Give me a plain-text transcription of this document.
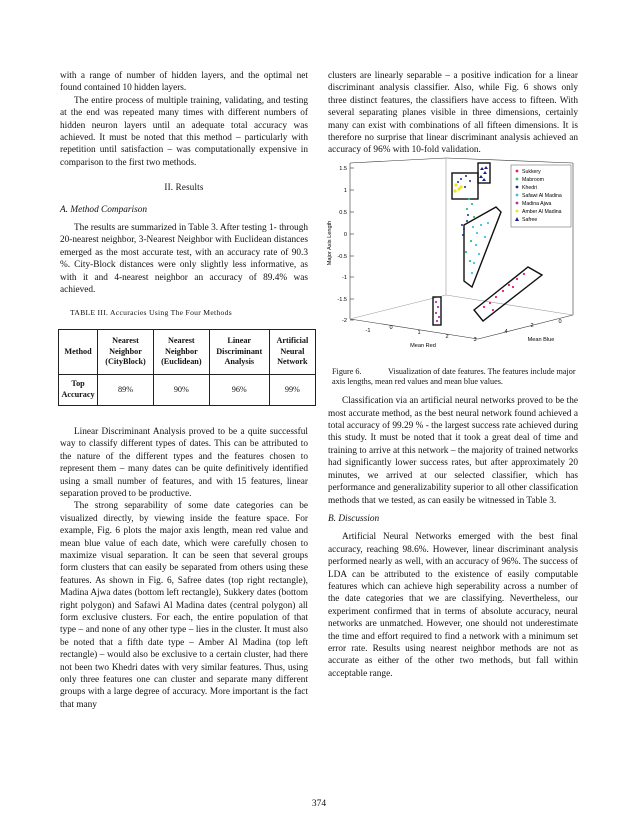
with a range of number of hidden layers, and the optimal net found contained 10 hidden layers.

The entire process of multiple training, validating, and testing at the end was repeated many times with different numbers of hidden neuron layers until an adequate total accuracy was achieved. It must be noted that this method – particularly with repetition until satisfaction – was computationally expensive in comparison to the first two methods.

II. Results
A. Method Comparison

The results are summarized in Table 3. After testing 1- through 20-nearest neighbor, 3-Nearest Neighbor with Euclidean distances emerged as the most accurate test, with an accuracy rate of 90.3 %. City-Block distances were only slightly less informative, as with it and 4-nearest neighbor an accuracy of 89.4% was achieved.

TABLE III. Accuracies Using The Four Methods
Method	Nearest Neighbor (CityBlock)	Nearest Neighbor (Euclidean)	Linear Discriminant Analysis	Artificial Neural Network
Top Accuracy	89%	90%	96%	99%

Linear Discriminant Analysis proved to be a quite successful way to classify different types of dates. This can be attributed to the nature of the different types and the features chosen to represent them – many dates can be quite definitively identified using a small number of features, and with 15 features, linear separation proved to be productive.

The strong separability of some date categories can be visualized directly, by viewing inside the feature space. For example, Fig. 6 plots the major axis length, mean red value and mean blue value of each date, which were carefully chosen to maximize visual separation. It can be seen that several groups form clusters that can easily be separated from others using these features. As shown in Fig. 6, Safree dates (top right rectangle), Madina Ajwa dates (bottom left rectangle), Sukkery dates (bottom right polygon) and Safawi Al Madina dates (central polygon) all form exclusive clusters. For each, the entire population of that type – and none of any other type – lies in the cluster. It must also be noted that a fifth date type – Amber Al Madina (top left rectangle) – would also be exclusive to a certain cluster, had there not been two Khedri dates with very similar features. Thus, using only three features one can cluster and separate many different groups with a large degree of accuracy. More important is the fact that many

clusters are linearly separable – a positive indication for a linear discriminant analysis classifier. Also, while Fig. 6 shows only three distinct features, the classifiers have access to fifteen. With several separating planes visible in three dimensions, certainly many can exist with combinations of all fifteen dimensions. It is therefore no surprise that linear discriminant analysis achieved an accuracy of 96% with 10-fold validation.

1.5
1
0.5
0
-0.5
-1
-1.5
-2
Major Axis Length
-1	0
1
2	3
Mean Red
4
2
0
Mean Blue
Sukkery
Mabroom
Khedri
Safawi Al Madina
Madina Ajwa
Amber Al Madina
Safree
Figure 6.	Visualization of date features. The features include major axis lengths, mean red values and mean blue values.

Classification via an artificial neural networks proved to be the most accurate method, as the best neural network found achieved a total accuracy of 99.29 % - the largest success rate achieved during this study. It must be noted that it took a great deal of time and training to arrive at this network – the majority of trained networks had significantly lower success rates, but after approximately 20 minutes, we arrived at our selected classifier, which has performance and generalizability superior to all other classification methods that we tested, as can easily be witnessed in Table 3.

B. Discussion

Artificial Neural Networks emerged with the best final accuracy, reaching 98.6%. However, linear discriminant analysis performed nearly as well, with an accuracy of 96%. The success of LDA can be attributed to the existence of easily computable features which can achieve high seperability across a number of the date categories that we are classifying. Nevertheless, our experiment confirmed that in terms of absolute accuracy, neural networks are unmatched. However, one should not underestimate the time and effort required to find a network with a minimum set error rate. Results using nearest neighbor methods are not as accurate as either of the other two methods, but fall within acceptable range.

374
